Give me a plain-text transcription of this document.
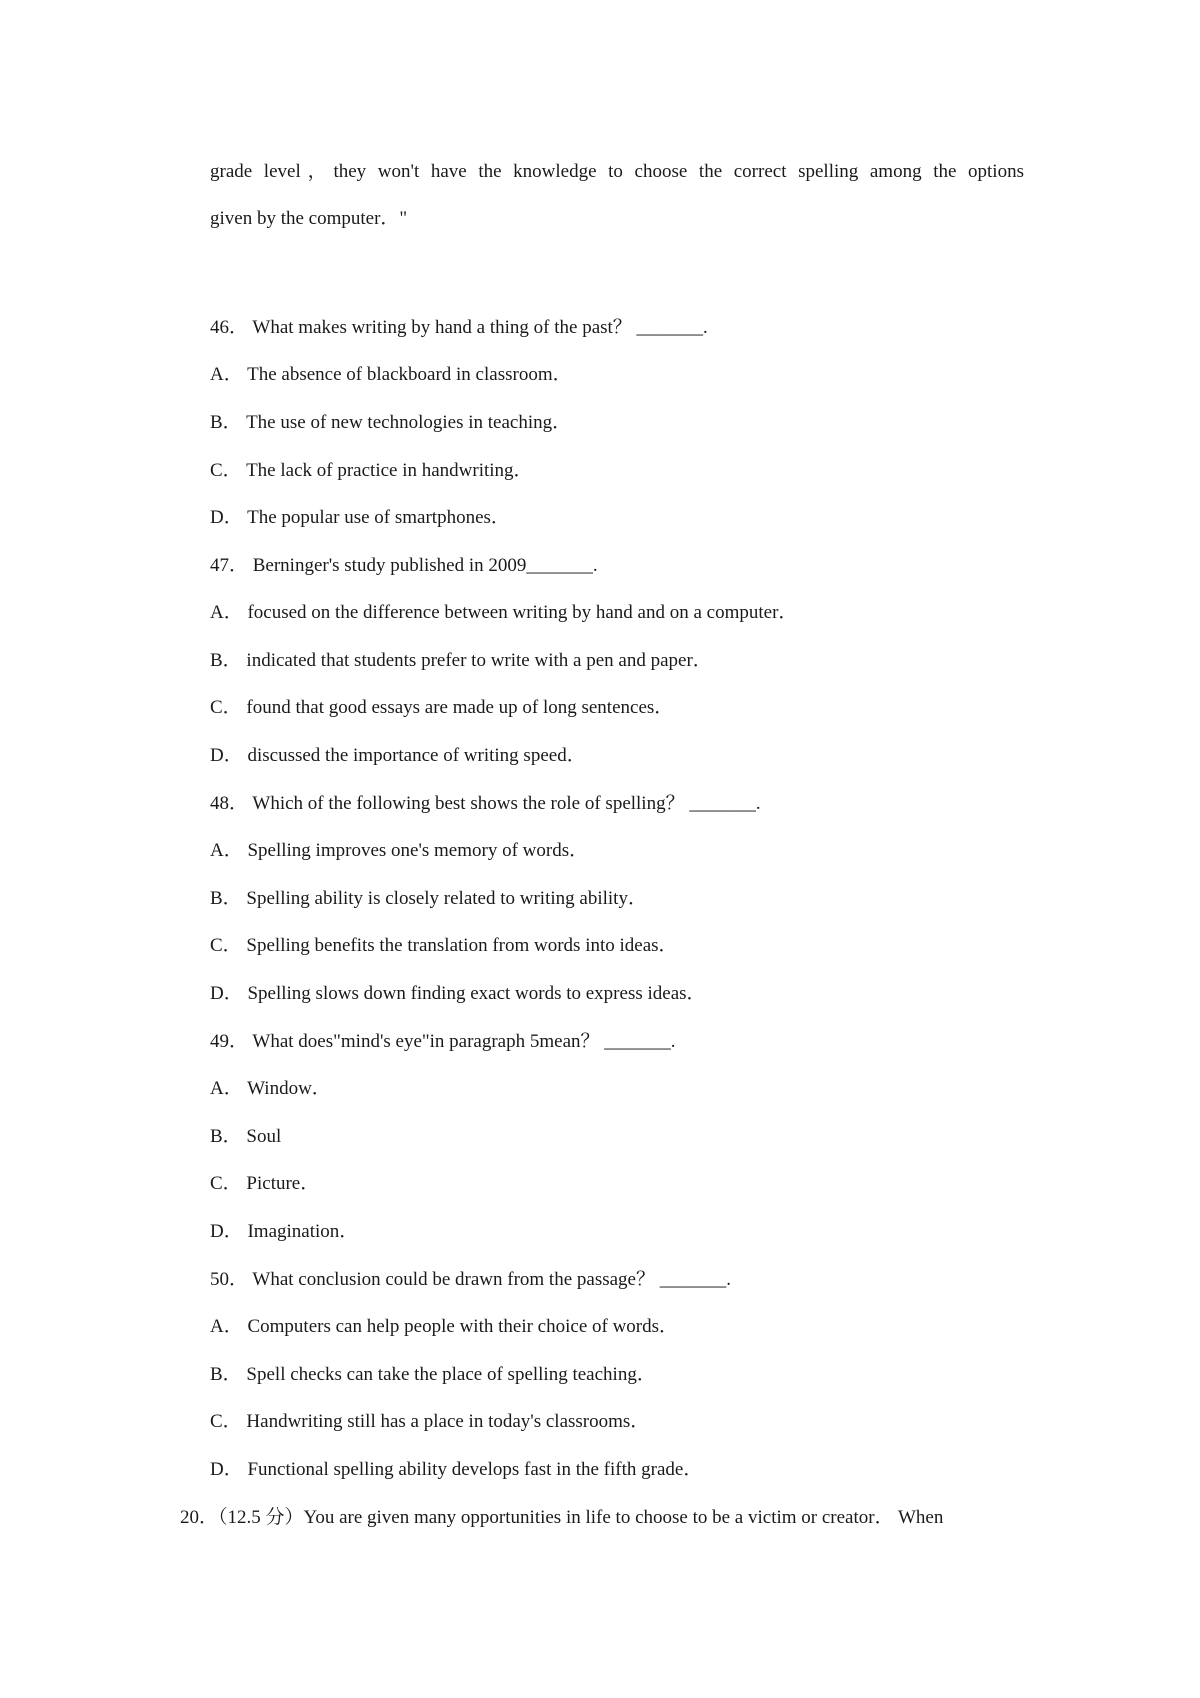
grade level，they won't have the knowledge to choose the correct spelling among the options
given by the computer．"
46． What makes writing by hand a thing of the past？ _______.
A． The absence of blackboard in classroom．
B． The use of new technologies in teaching．
C． The lack of practice in handwriting．
D． The popular use of smartphones．
47． Berninger's study published in 2009_______.
A． focused on the difference between writing by hand and on a computer．
B． indicated that students prefer to write with a pen and paper．
C． found that good essays are made up of long sentences．
D． discussed the importance of writing speed．
48． Which of the following best shows the role of spelling？ _______.
A． Spelling improves one's memory of words．
B． Spelling ability is closely related to writing ability．
C． Spelling benefits the translation from words into ideas．
D． Spelling slows down finding exact words to express ideas．
49． What does"mind's eye"in paragraph 5mean？ _______.
A． Window．
B． Soul
C． Picture．
D． Imagination．
50． What conclusion could be drawn from the passage？ _______.
A． Computers can help people with their choice of words．
B． Spell checks can take the place of spelling teaching．
C． Handwriting still has a place in today's classrooms．
D． Functional spelling ability develops fast in the fifth grade．
20．（12.5 分）You are given many opportunities in life to choose to be a victim or creator． When
